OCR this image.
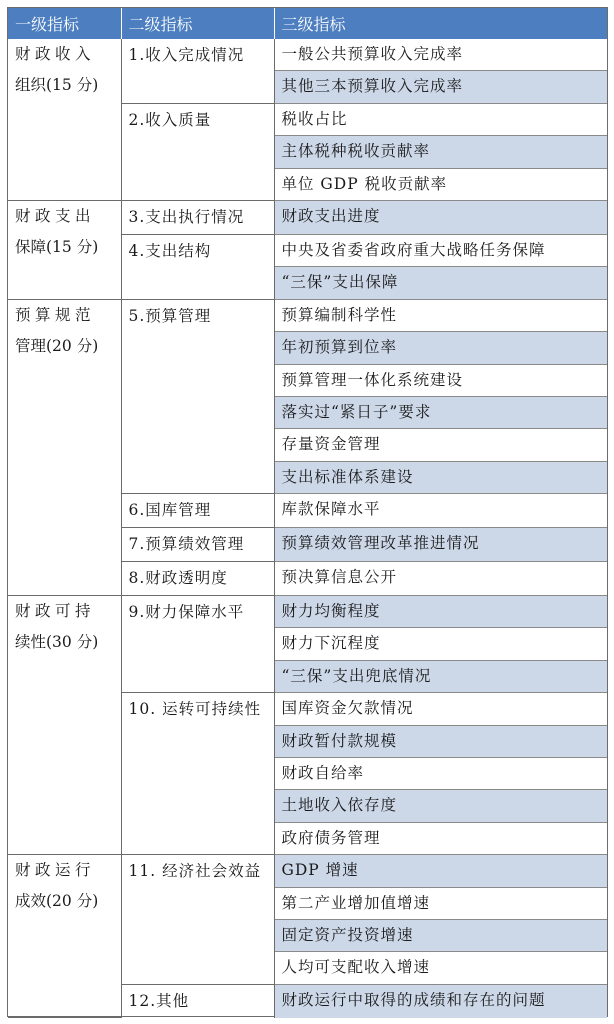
一级指标	二级指标	三级指标

财政收入
组织(15 分)	1.收入完成情况	一般公共预算收入完成率
		其他三本预算收入完成率

	2.收入质量	税收占比
		主体税种税收贡献率
		单位 GDP 税收贡献率

财政支出
保障(15 分)	3.支出执行情况	财政支出进度

	4.支出结构	中央及省委省政府重大战略任务保障
		“三保”支出保障

预算规范
管理(20 分)	5.预算管理	预算编制科学性
		年初预算到位率
		预算管理一体化系统建设
		落实过“紧日子”要求
		存量资金管理
		支出标准体系建设

	6.国库管理	库款保障水平

	7.预算绩效管理	预算绩效管理改革推进情况

	8.财政透明度	预决算信息公开

财政可持
续性(30 分)	9.财力保障水平	财力均衡程度
		财力下沉程度
		“三保”支出兜底情况

	10. 运转可持续性	国库资金欠款情况
		财政暂付款规模
		财政自给率
		土地收入依存度
		政府债务管理

财政运行
成效(20 分)	11. 经济社会效益	GDP 增速
		第二产业增加值增速
		固定资产投资增速
		人均可支配收入增速

	12.其他	财政运行中取得的成绩和存在的问题
